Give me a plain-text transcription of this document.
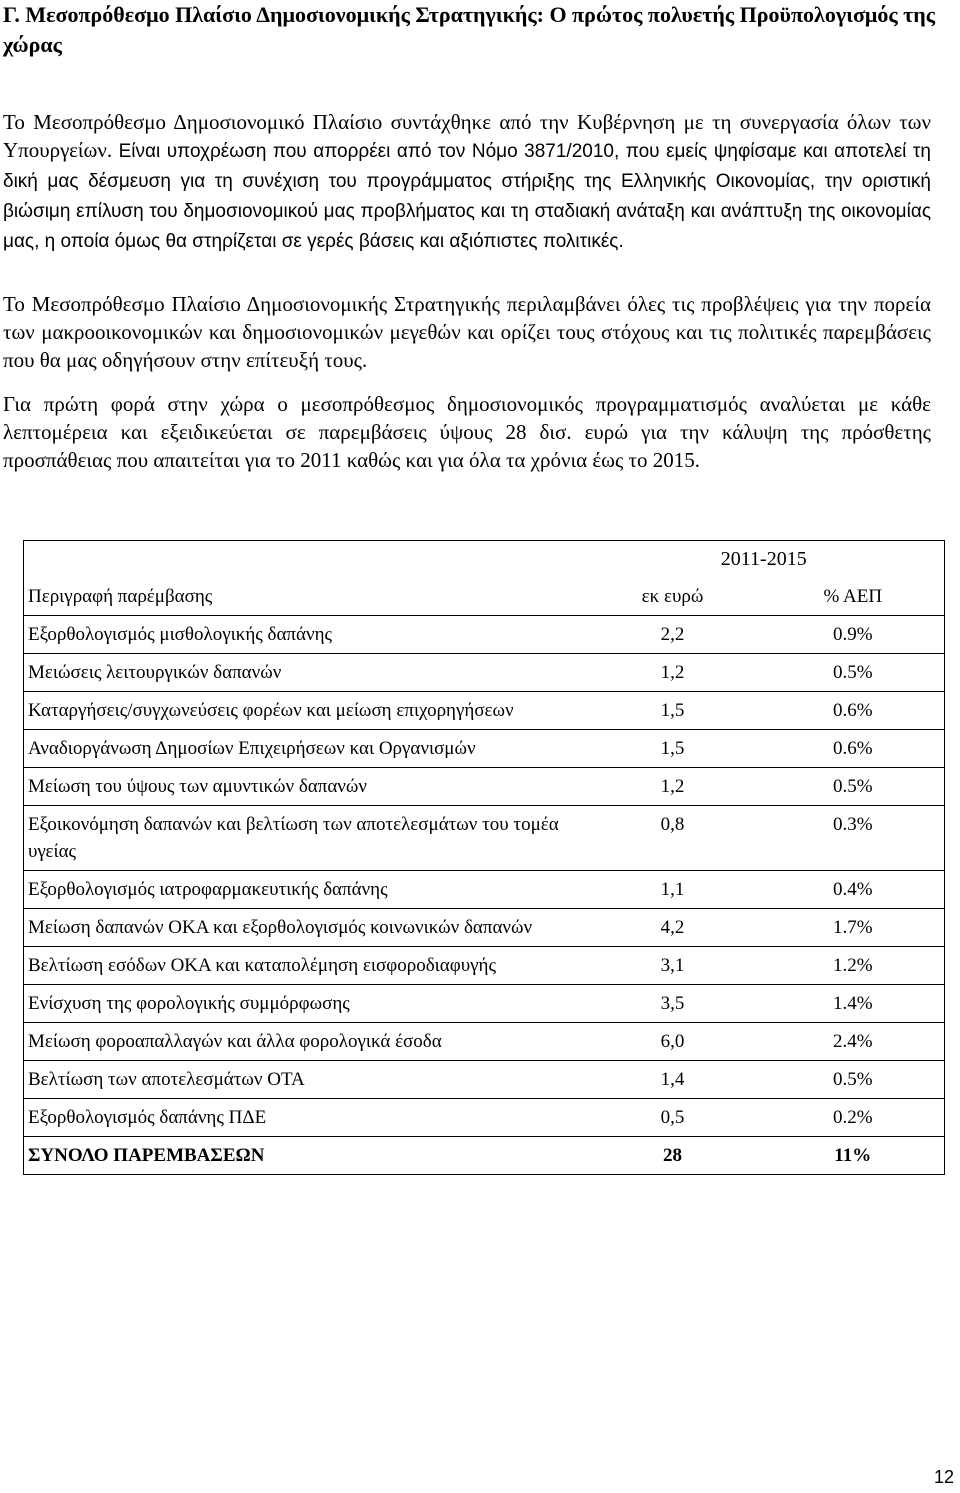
Γ. Μεσοπρόθεσμο Πλαίσιο Δημοσιονομικής Στρατηγικής: Ο πρώτος πολυετής Προϋπολογισμός της χώρας

Το Μεσοπρόθεσμο Δημοσιονομικό Πλαίσιο συντάχθηκε από την Κυβέρνηση με τη συνεργασία όλων των Υπουργείων. Είναι υποχρέωση που απορρέει από τον Νόμο 3871/2010, που εμείς ψηφίσαμε και αποτελεί τη δική μας δέσμευση για τη συνέχιση του προγράμματος στήριξης της Ελληνικής Οικονομίας, την οριστική βιώσιμη επίλυση του δημοσιονομικού μας προβλήματος και τη σταδιακή ανάταξη και ανάπτυξη της οικονομίας μας, η οποία όμως θα στηρίζεται σε γερές βάσεις και αξιόπιστες πολιτικές.

Το Μεσοπρόθεσμο Πλαίσιο Δημοσιονομικής Στρατηγικής περιλαμβάνει όλες τις προβλέψεις για την πορεία των μακροοικονομικών και δημοσιονομικών μεγεθών και ορίζει τους στόχους και τις πολιτικές παρεμβάσεις που θα μας οδηγήσουν στην επίτευξή τους.

Για πρώτη φορά στην χώρα ο μεσοπρόθεσμος δημοσιονομικός προγραμματισμός αναλύεται με κάθε λεπτομέρεια και εξειδικεύεται σε παρεμβάσεις ύψους 28 δισ. ευρώ για την κάλυψη της πρόσθετης προσπάθειας που απαιτείται για το 2011 καθώς και για όλα τα χρόνια έως το 2015.

	2011-2015	
Περιγραφή παρέμβασης	εκ ευρώ	% ΑΕΠ
Εξορθολογισμός μισθολογικής δαπάνης	2,2	0.9%
Μειώσεις λειτουργικών δαπανών	1,2	0.5%
Καταργήσεις/συγχωνεύσεις φορέων και μείωση επιχορηγήσεων	1,5	0.6%
Αναδιοργάνωση Δημοσίων Επιχειρήσεων και Οργανισμών	1,5	0.6%
Μείωση του ύψους των αμυντικών δαπανών	1,2	0.5%
Εξοικονόμηση δαπανών και βελτίωση των αποτελεσμάτων του τομέα υγείας	0,8	0.3%
Εξορθολογισμός ιατροφαρμακευτικής δαπάνης	1,1	0.4%
Μείωση δαπανών ΟΚΑ και εξορθολογισμός κοινωνικών δαπανών	4,2	1.7%
Βελτίωση εσόδων ΟΚΑ και καταπολέμηση εισφοροδιαφυγής	3,1	1.2%
Ενίσχυση της φορολογικής συμμόρφωσης	3,5	1.4%
Μείωση φοροαπαλλαγών και άλλα φορολογικά έσοδα	6,0	2.4%
Βελτίωση των αποτελεσμάτων ΟΤΑ	1,4	0.5%
Εξορθολογισμός δαπάνης ΠΔΕ	0,5	0.2%
ΣΥΝΟΛΟ ΠΑΡΕΜΒΑΣΕΩΝ	28	11%
12
